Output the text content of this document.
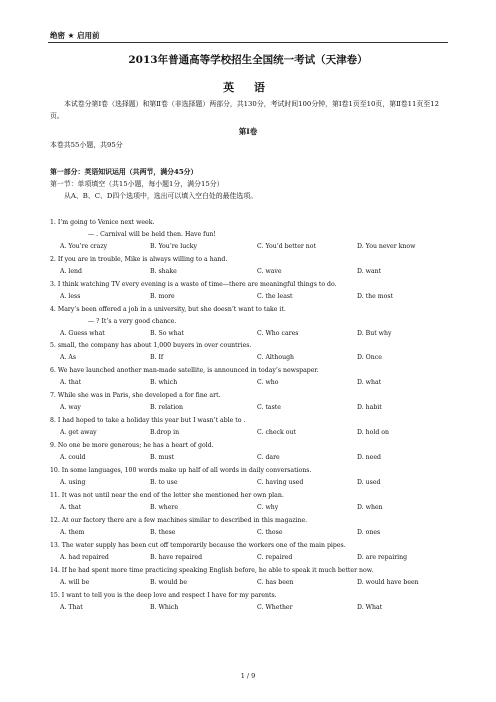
绝密 ★ 启用前
2013年普通高等学校招生全国统一考试（天津卷）
英 语
本试卷分第Ⅰ卷（选择题）和第Ⅱ卷（非选择题）两部分，共130分，考试时间100分钟，第Ⅰ卷1页至10页，第Ⅱ卷11页至12页。
第Ⅰ卷
本卷共55小题，共95分
第一部分：英语知识运用（共两节，满分45分）
第一节：单项填空（共15小题，每小题1分，满分15分）
从A、B、C、D四个选项中，选出可以填入空白处的最佳选项。
1. I’m going to Venice next week.
— . Carnival will be held then. Have fun!
A. You’re crazy	B. You’re lucky	C. You’d better not	D. You never know
2. If you are in trouble, Mike is always willing to a hand.
A. lend	B. shake	C. wave	D. want
3. I think watching TV every evening is a waste of time—there are meaningful things to do.
A. less	B. more	C. the least	D. the most
4. Mary’s been offered a job in a university, but she doesn’t want to take it.
— ? It’s a very good chance.
A. Guess what	B. So what	C. Who cares	D. But why
5. small, the company has about 1,000 buyers in over countries.
A. As	B. If	C. Although	D. Once
6. We have launched another man-made satellite, is announced in today’s newspaper.
A. that	B. which	C. who	D. what
7. While she was in Paris, she developed a for fine art.
A. way	B. relation	C. taste	D. habit
8. I had hoped to take a holiday this year but I wasn’t able to .
A. get away	B.drop in	C. check out	D. hold on
9. No one be more generous; he has a heart of gold.
A. could	B. must	C. dare	D. need
10. In some languages, 100 words make up half of all words in daily conversations.
A. using	B. to use	C. having used	D. used
11. It was not until near the end of the letter she mentioned her own plan.
A. that	B. where	C. why	D. when
12. At our factory there are a few machines similar to described in this magazine.
A. them	B. these	C. those	D. ones
13. The water supply has been cut off temporarily because the workers one of the main pipes.
A. had repaired	B. have repaired	C. repaired	D. are repairing
14. If he had spent more time practicing speaking English before, he able to speak it much better now.
A. will be	B. would be	C. has been	D. would have been
15. I want to tell you is the deep love and respect I have for my parents.
A. That	B. Which	C. Whether	D. What
1 / 9
